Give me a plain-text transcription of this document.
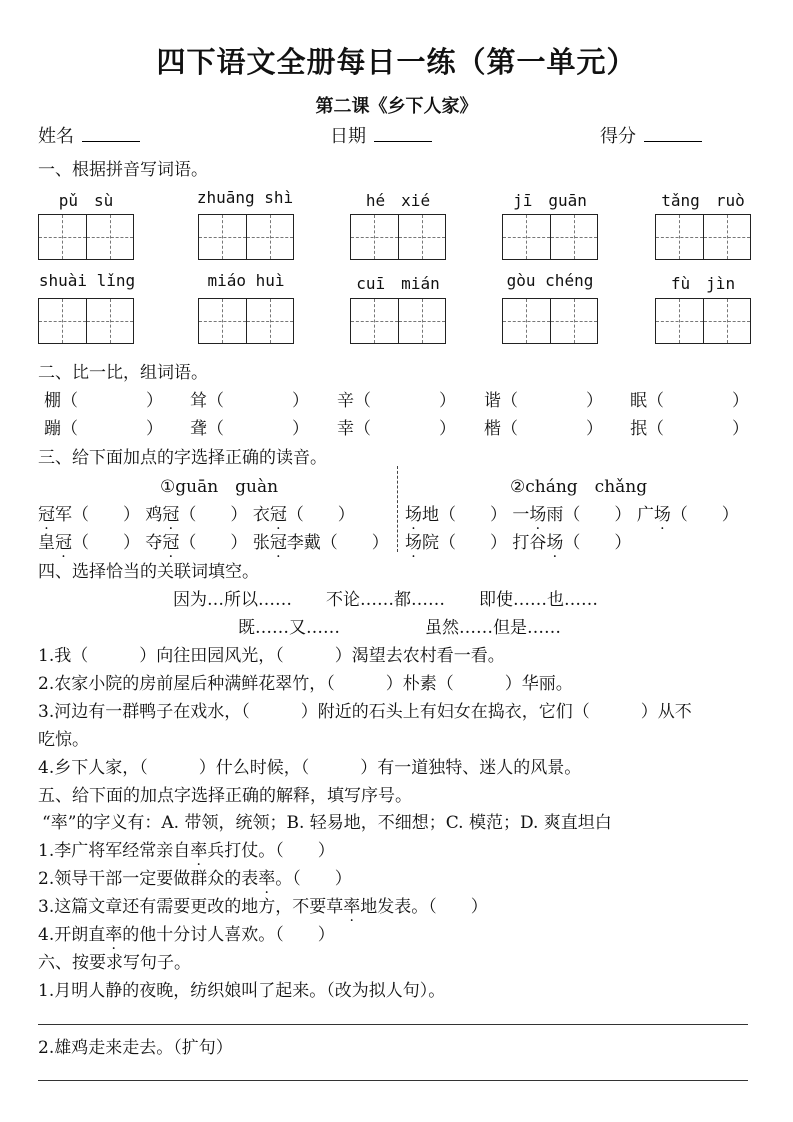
四下语文全册每日一练（第一单元）
第二课《乡下人家》
姓名	日期	得分
一、根据拼音写词语。
pǔ　sù	zhuāng shì	hé　xié	jī　guān	tǎng　ruò
shuài lǐng	miáo huì	cuī　mián	gòu chéng	fù　jìn
二、比一比，组词语。
棚（　　　　） 耸（　　　　） 辛（　　　　） 谐（　　　　） 眠（　　　　）
蹦（　　　　） 聋（　　　　） 幸（　　　　） 楷（　　　　） 抿（　　　　）
三、给下面加点的字选择正确的读音。
①guān　guàn	②cháng　chǎng
冠军（　　） 鸡冠（　　） 衣冠（　　）
皇冠（　　） 夺冠（　　） 张冠李戴（　　）
场地（　　） 一场雨（　　） 广场（　　）
场院（　　） 打谷场（　　）
四、选择恰当的关联词填空。
因为…所以……　　不论……都……　　即使……也……
既……又……　　　　　虽然……但是……
1.我（　　　）向往田园风光，（　　　）渴望去农村看一看。
2.农家小院的房前屋后种满鲜花翠竹，（　　　）朴素（　　　）华丽。
3.河边有一群鸭子在戏水，（　　　）附近的石头上有妇女在捣衣，它们（　　　）从不
吃惊。
4.乡下人家，（　　　）什么时候，（　　　）有一道独特、迷人的风景。
五、给下面的加点字选择正确的解释，填写序号。
“率”的字义有：A. 带领，统领；B. 轻易地，不细想；C. 模范；D. 爽直坦白
1.李广将军经常亲自率兵打仗。（　　）
2.领导干部一定要做群众的表率。（　　）
3.这篇文章还有需要更改的地方，不要草率地发表。（　　）
4.开朗直率的他十分讨人喜欢。（　　）
六、按要求写句子。
1.月明人静的夜晚，纺织娘叫了起来。（改为拟人句）。
2.雄鸡走来走去。（扩句）
